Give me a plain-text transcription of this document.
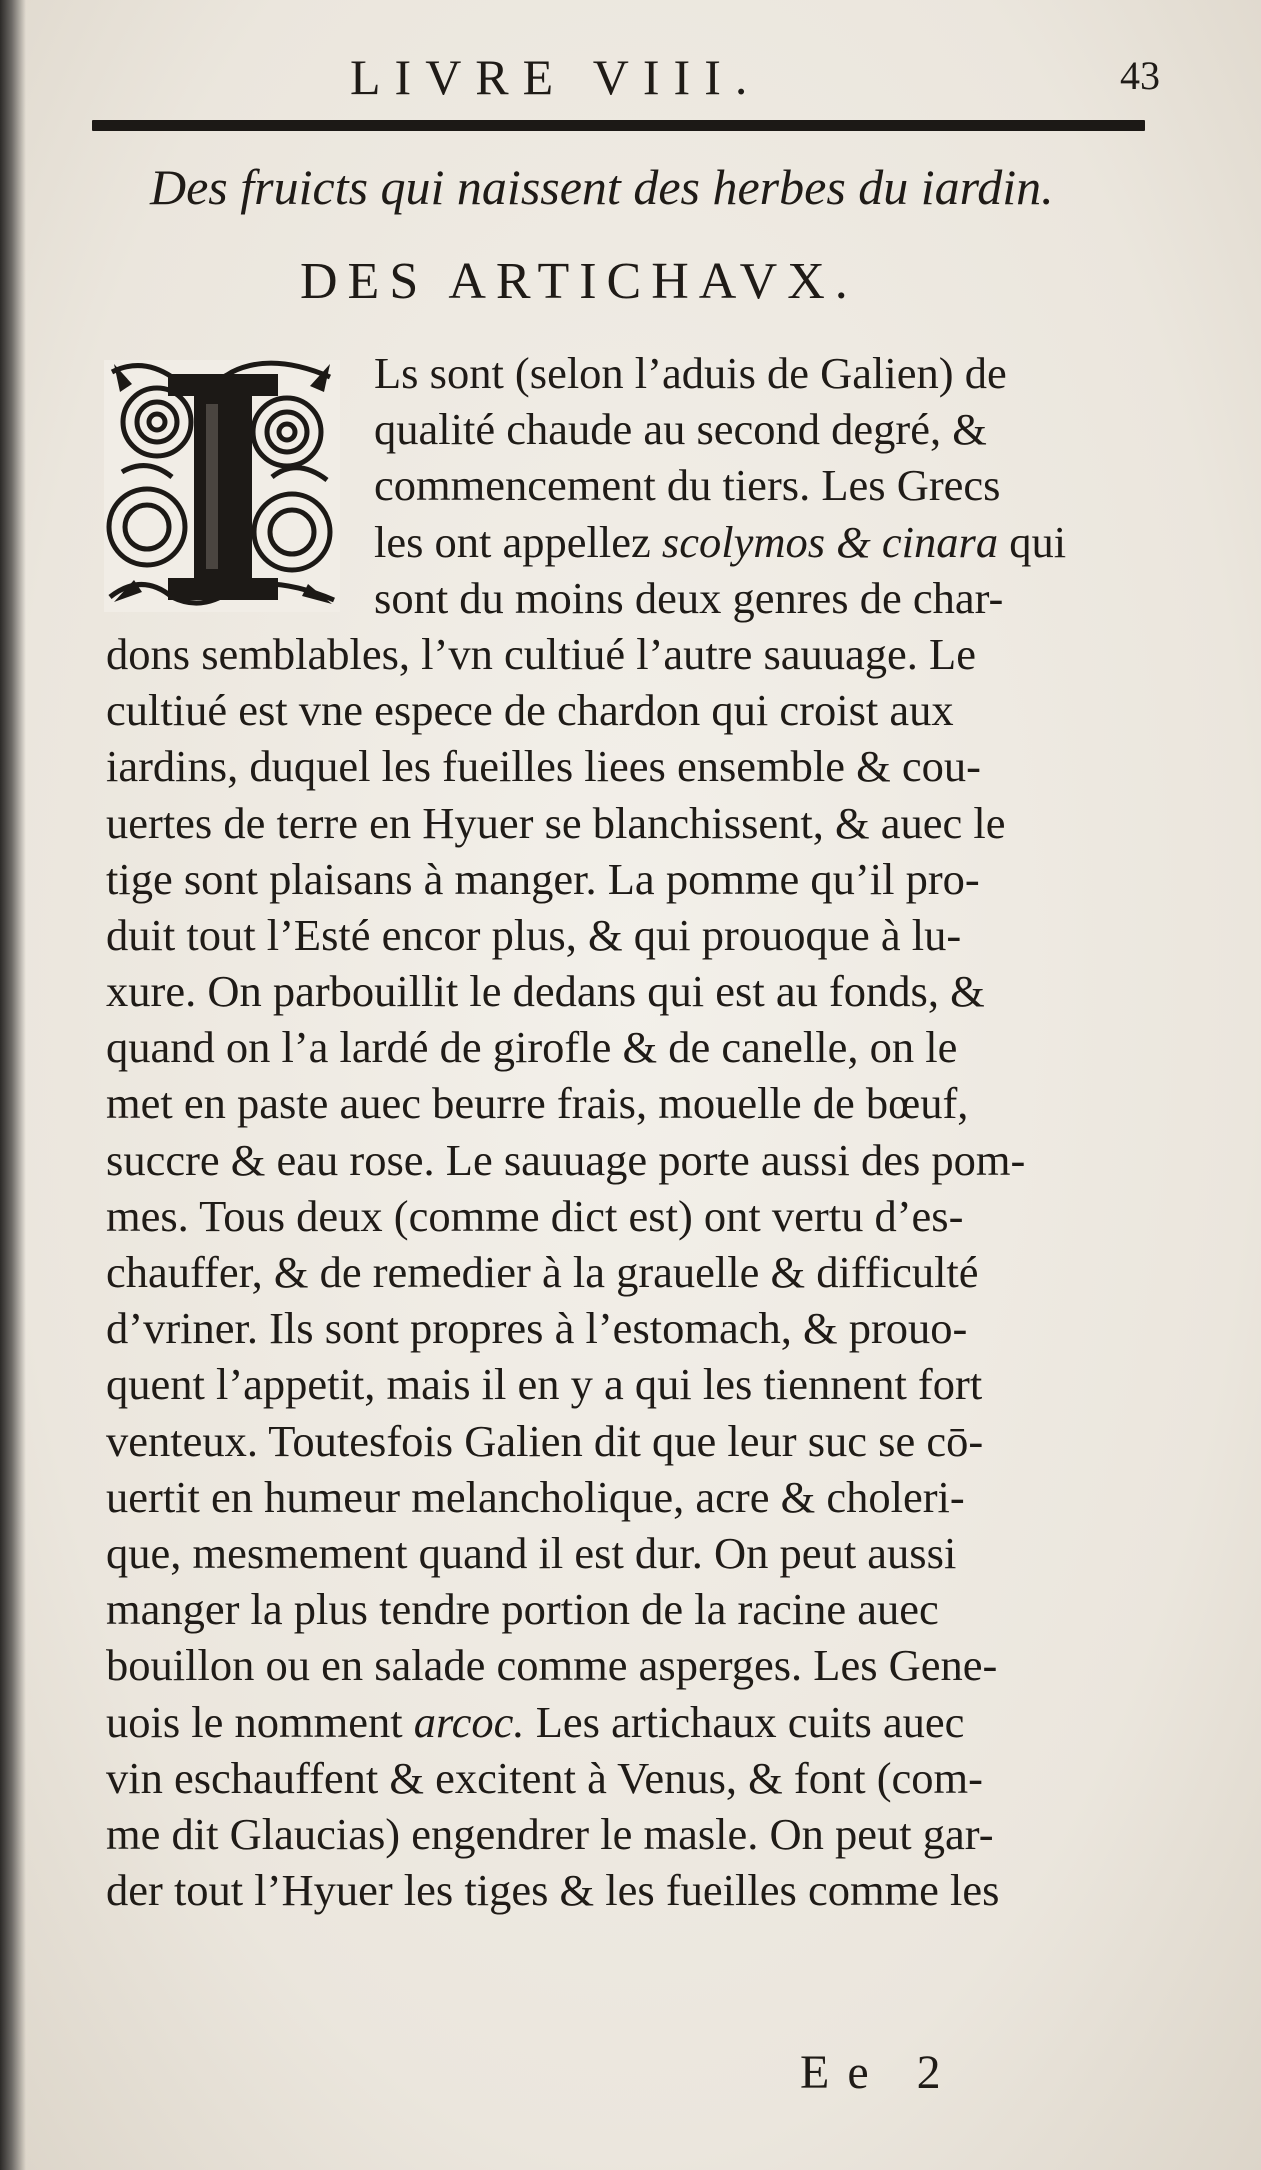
LIVRE VIII.	43
Des fruicts qui naissent des herbes du iardin.
DES ARTICHAVX.
Ls sont (selon l’aduis de Galien) de
qualité chaude au second degré, &
commencement du tiers. Les Grecs
les ont appellez scolymos & cinara qui
sont du moins deux genres de char-
dons semblables, l’vn cultiué l’autre sauuage. Le
cultiué est vne espece de chardon qui croist aux
iardins, duquel les fueilles liees ensemble & cou-
uertes de terre en Hyuer se blanchissent, & auec le
tige sont plaisans à manger. La pomme qu’il pro-
duit tout l’Esté encor plus, & qui prouoque à lu-
xure. On parbouillit le dedans qui est au fonds, &
quand on l’a lardé de girofle & de canelle, on le
met en paste auec beurre frais, mouelle de bœuf,
succre & eau rose. Le sauuage porte aussi des pom-
mes. Tous deux (comme dict est) ont vertu d’es-
chauffer, & de remedier à la grauelle & difficulté
d’vriner. Ils sont propres à l’estomach, & prouo-
quent l’appetit, mais il en y a qui les tiennent fort
venteux. Toutesfois Galien dit que leur suc se cō-
uertit en humeur melancholique, acre & choleri-
que, mesmement quand il est dur. On peut aussi
manger la plus tendre portion de la racine auec
bouillon ou en salade comme asperges. Les Gene-
uois le nomment arcoc. Les artichaux cuits auec
vin eschauffent & excitent à Venus, & font (com-
me dit Glaucias) engendrer le masle. On peut gar-
der tout l’Hyuer les tiges & les fueilles comme les
Ee 2
